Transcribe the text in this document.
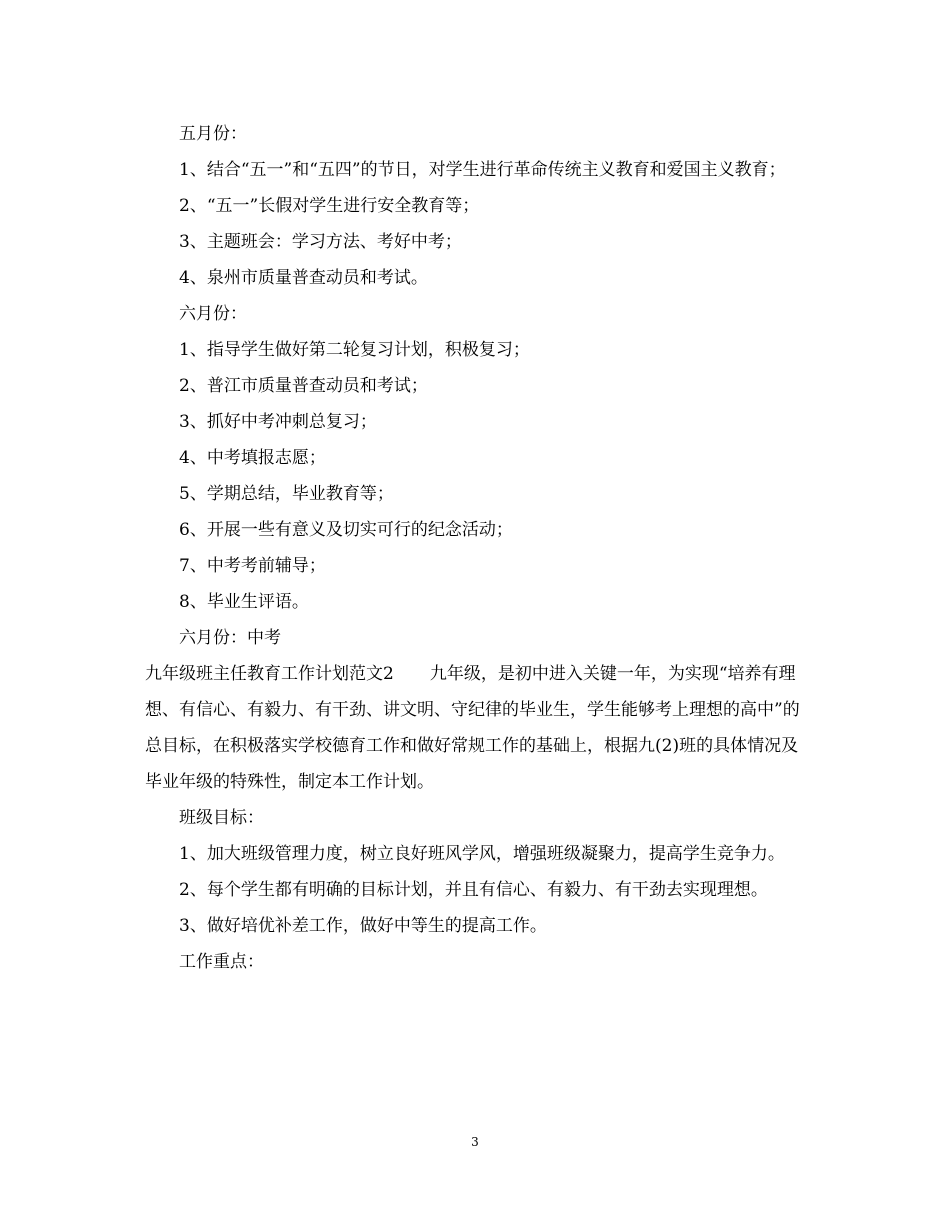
五月份：

1、结合“五一”和“五四”的节日，对学生进行革命传统主义教育和爱国主义教育；

2、“五一”长假对学生进行安全教育等；

3、主题班会：学习方法、考好中考；

4、泉州市质量普查动员和考试。

六月份：

1、指导学生做好第二轮复习计划，积极复习；

2、普江市质量普查动员和考试；

3、抓好中考冲刺总复习；

4、中考填报志愿；

5、学期总结，毕业教育等；

6、开展一些有意义及切实可行的纪念活动；

7、中考考前辅导；

8、毕业生评语。

六月份：中考

九年级班主任教育工作计划范文2 九年级，是初中进入关键一年，为实现“培养有理想、有信心、有毅力、有干劲、讲文明、守纪律的毕业生，学生能够考上理想的高中”的总目标，在积极落实学校德育工作和做好常规工作的基础上，根据九(2)班的具体情况及毕业年级的特殊性，制定本工作计划。

班级目标：

1、加大班级管理力度，树立良好班风学风，增强班级凝聚力，提高学生竞争力。

2、每个学生都有明确的目标计划，并且有信心、有毅力、有干劲去实现理想。

3、做好培优补差工作，做好中等生的提高工作。

工作重点：

3
